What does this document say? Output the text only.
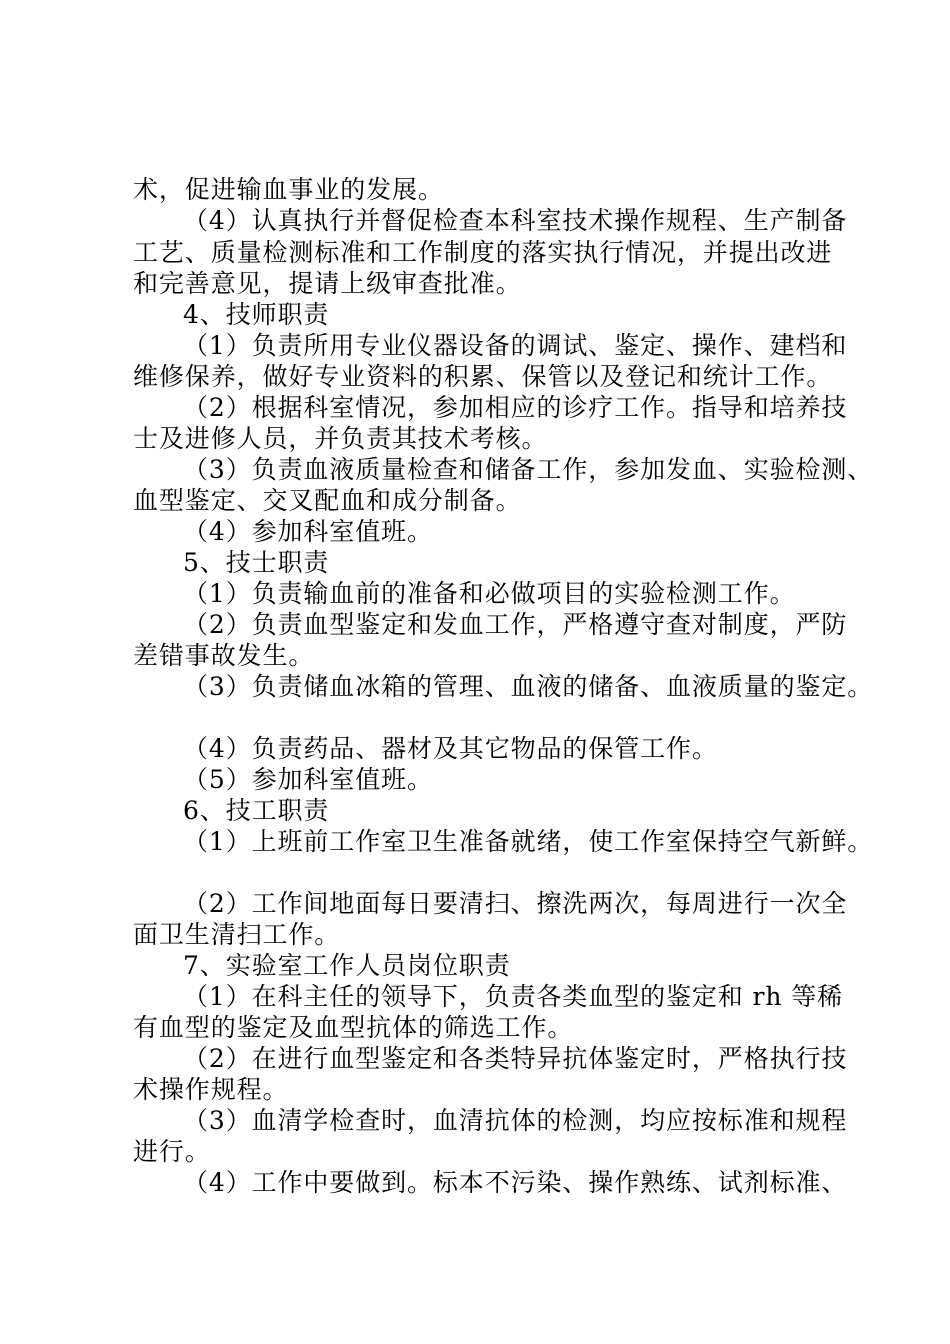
术，促进输血事业的发展。
（4）认真执行并督促检查本科室技术操作规程、生产制备
工艺、质量检测标准和工作制度的落实执行情况，并提出改进
和完善意见，提请上级审查批准。
4、技师职责
（1）负责所用专业仪器设备的调试、鉴定、操作、建档和
维修保养，做好专业资料的积累、保管以及登记和统计工作。
（2）根据科室情况，参加相应的诊疗工作。指导和培养技
士及进修人员，并负责其技术考核。
（3）负责血液质量检查和储备工作，参加发血、实验检测、
血型鉴定、交叉配血和成分制备。
（4）参加科室值班。
5、技士职责
（1）负责输血前的准备和必做项目的实验检测工作。
（2）负责血型鉴定和发血工作，严格遵守查对制度，严防
差错事故发生。
（3）负责储血冰箱的管理、血液的储备、血液质量的鉴定。
（4）负责药品、器材及其它物品的保管工作。
（5）参加科室值班。
6、技工职责
（1）上班前工作室卫生准备就绪，使工作室保持空气新鲜。
（2）工作间地面每日要清扫、擦洗两次，每周进行一次全
面卫生清扫工作。
7、实验室工作人员岗位职责
（1）在科主任的领导下，负责各类血型的鉴定和 rh 等稀
有血型的鉴定及血型抗体的筛选工作。
（2）在进行血型鉴定和各类特异抗体鉴定时，严格执行技
术操作规程。
（3）血清学检查时，血清抗体的检测，均应按标准和规程
进行。
（4）工作中要做到。标本不污染、操作熟练、试剂标准、
